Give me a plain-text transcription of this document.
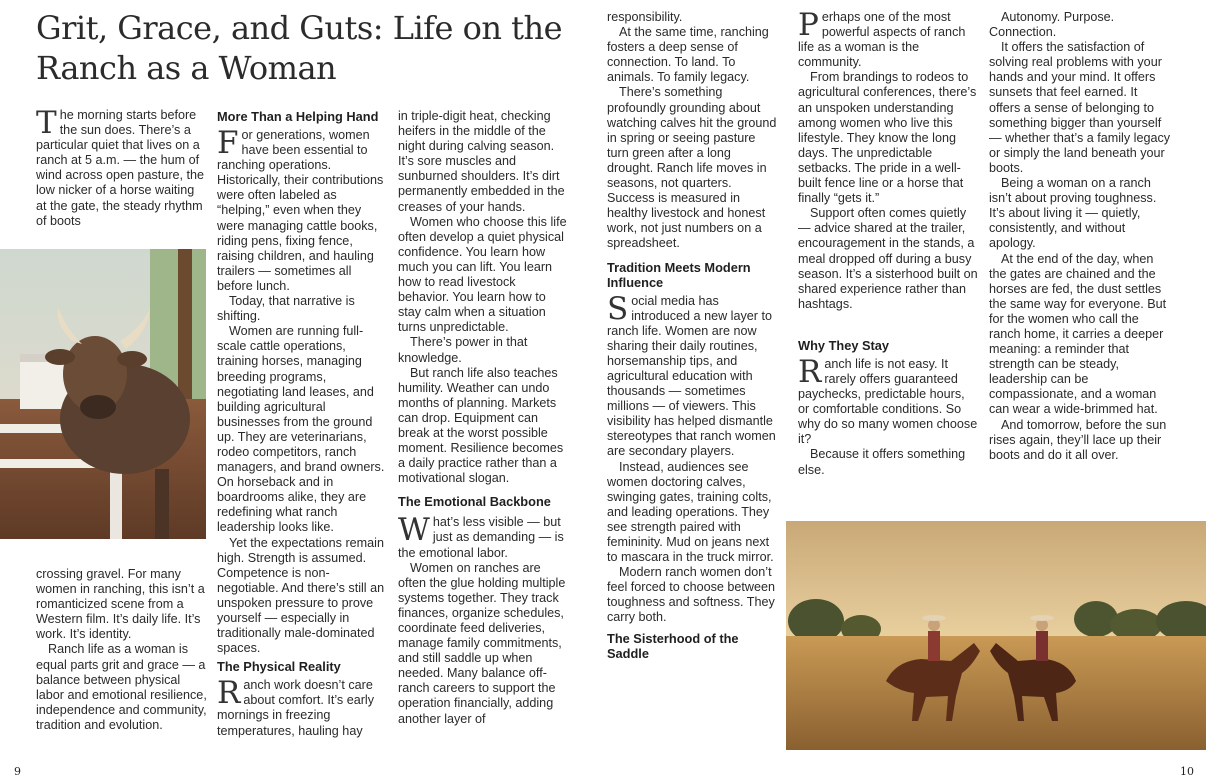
Grit, Grace, and Guts: Life on the Ranch as a Woman

The morning starts before the sun does. There’s a particular quiet that lives on a ranch at 5 a.m. — the hum of wind across open pasture, the low nicker of a horse waiting at the gate, the steady rhythm of boots

crossing gravel. For many women in ranching, this isn’t a romanticized scene from a Western film. It’s daily life. It’s work. It’s identity.

Ranch life as a woman is equal parts grit and grace — a balance between physical labor and emotional resilience, independence and community, tradition and evolution.

More Than a Helping Hand

For generations, women have been essential to ranching operations. Historically, their contributions were often labeled as “helping,” even when they were managing cattle books, riding pens, fixing fence, raising children, and hauling trailers — sometimes all before lunch.

Today, that narrative is shifting.

Women are running full-scale cattle operations, training horses, managing breeding programs, negotiating land leases, and building agricultural businesses from the ground up. They are veterinarians, rodeo competitors, ranch managers, and brand owners. On horseback and in boardrooms alike, they are redefining what ranch leadership looks like.

Yet the expectations remain high. Strength is assumed. Competence is non-negotiable. And there’s still an unspoken pressure to prove yourself — especially in traditionally male-dominated spaces.

The Physical Reality

Ranch work doesn’t care about comfort. It’s early mornings in freezing temperatures, hauling hay

in triple-digit heat, checking heifers in the middle of the night during calving season. It’s sore muscles and sunburned shoulders. It’s dirt permanently embedded in the creases of your hands.

Women who choose this life often develop a quiet physical confidence. You learn how much you can lift. You learn how to read livestock behavior. You learn how to stay calm when a situation turns unpredictable.

There’s power in that knowledge.

But ranch life also teaches humility. Weather can undo months of planning. Markets can drop. Equipment can break at the worst possible moment. Resilience becomes a daily practice rather than a motivational slogan.

The Emotional Backbone

What’s less visible — but just as demanding — is the emotional labor.

Women on ranches are often the glue holding multiple systems together. They track finances, organize schedules, coordinate feed deliveries, manage family commitments, and still saddle up when needed. Many balance off-ranch careers to support the operation financially, adding another layer of

responsibility.

At the same time, ranching fosters a deep sense of connection. To land. To animals. To family legacy.

There’s something profoundly grounding about watching calves hit the ground in spring or seeing pasture turn green after a long drought. Ranch life moves in seasons, not quarters. Success is measured in healthy livestock and honest work, not just numbers on a spreadsheet.

Tradition Meets Modern Influence

Social media has introduced a new layer to ranch life. Women are now sharing their daily routines, horsemanship tips, and agricultural education with thousands — sometimes millions — of viewers. This visibility has helped dismantle stereotypes that ranch women are secondary players.

Instead, audiences see women doctoring calves, swinging gates, training colts, and leading operations. They see strength paired with femininity. Mud on jeans next to mascara in the truck mirror.

Modern ranch women don’t feel forced to choose between toughness and softness. They carry both.

The Sisterhood of the Saddle

Perhaps one of the most powerful aspects of ranch life as a woman is the community.

From brandings to rodeos to agricultural conferences, there’s an unspoken understanding among women who live this lifestyle. They know the long days. The unpredictable setbacks. The pride in a well-built fence line or a horse that finally “gets it.”

Support often comes quietly — advice shared at the trailer, encouragement in the stands, a meal dropped off during a busy season. It’s a sisterhood built on shared experience rather than hashtags.

Why They Stay

Ranch life is not easy. It rarely offers guaranteed paychecks, predictable hours, or comfortable conditions. So why do so many women choose it?

Because it offers something else.

Autonomy. Purpose. Connection.

It offers the satisfaction of solving real problems with your hands and your mind. It offers sunsets that feel earned. It offers a sense of belonging to something bigger than yourself — whether that’s a family legacy or simply the land beneath your boots.

Being a woman on a ranch isn’t about proving toughness. It’s about living it — quietly, consistently, and without apology.

At the end of the day, when the gates are chained and the horses are fed, the dust settles the same way for everyone. But for the women who call the ranch home, it carries a deeper meaning: a reminder that strength can be steady, leadership can be compassionate, and a woman can wear a wide-brimmed hat.

And tomorrow, before the sun rises again, they’ll lace up their boots and do it all over.

9	10
